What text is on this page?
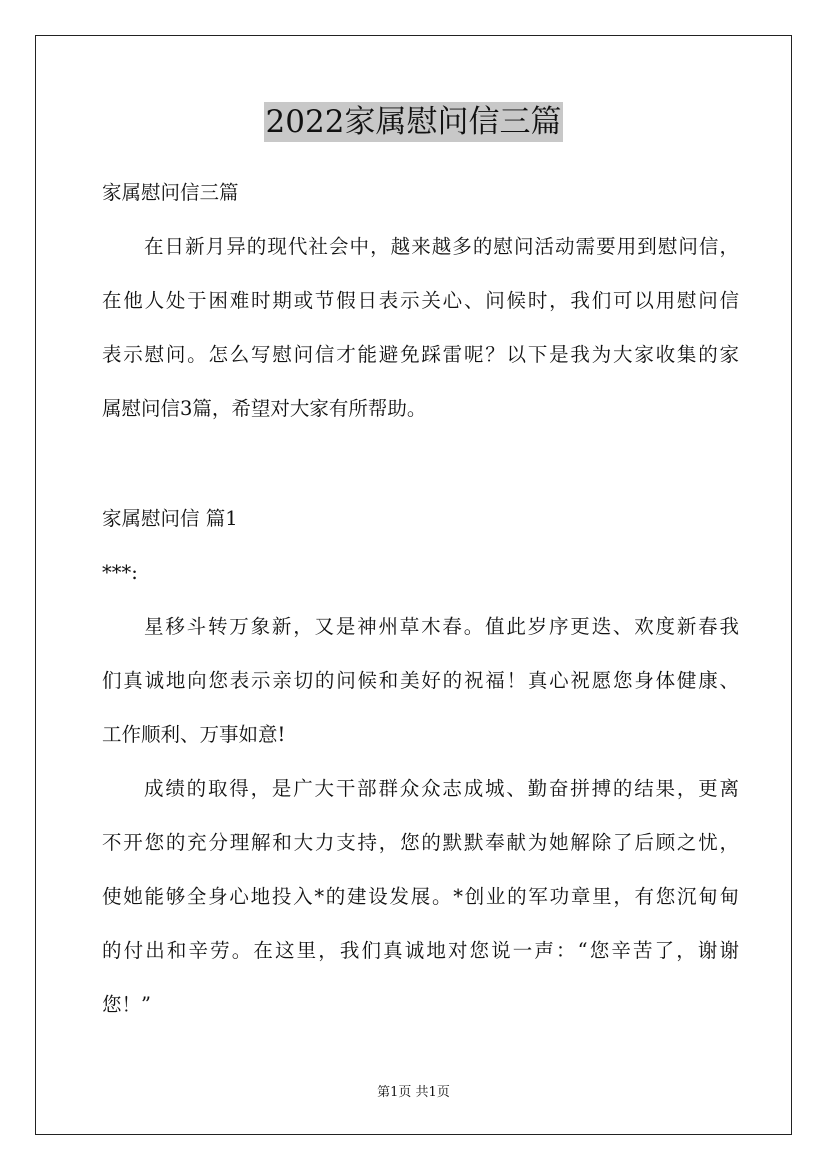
2022家属慰问信三篇
家属慰问信三篇
在日新月异的现代社会中，越来越多的慰问活动需要用到慰问信，
在他人处于困难时期或节假日表示关心、问候时，我们可以用慰问信
表示慰问。怎么写慰问信才能避免踩雷呢？以下是我为大家收集的家
属慰问信3篇，希望对大家有所帮助。
家属慰问信 篇1
***:
星移斗转万象新，又是神州草木春。值此岁序更迭、欢度新春我
们真诚地向您表示亲切的问候和美好的祝福！真心祝愿您身体健康、
工作顺利、万事如意!
成绩的取得，是广大干部群众众志成城、勤奋拼搏的结果，更离
不开您的充分理解和大力支持，您的默默奉献为她解除了后顾之忧，
使她能够全身心地投入*的建设发展。*创业的军功章里，有您沉甸甸
的付出和辛劳。在这里，我们真诚地对您说一声：“您辛苦了，谢谢
您！”
第1页 共1页
